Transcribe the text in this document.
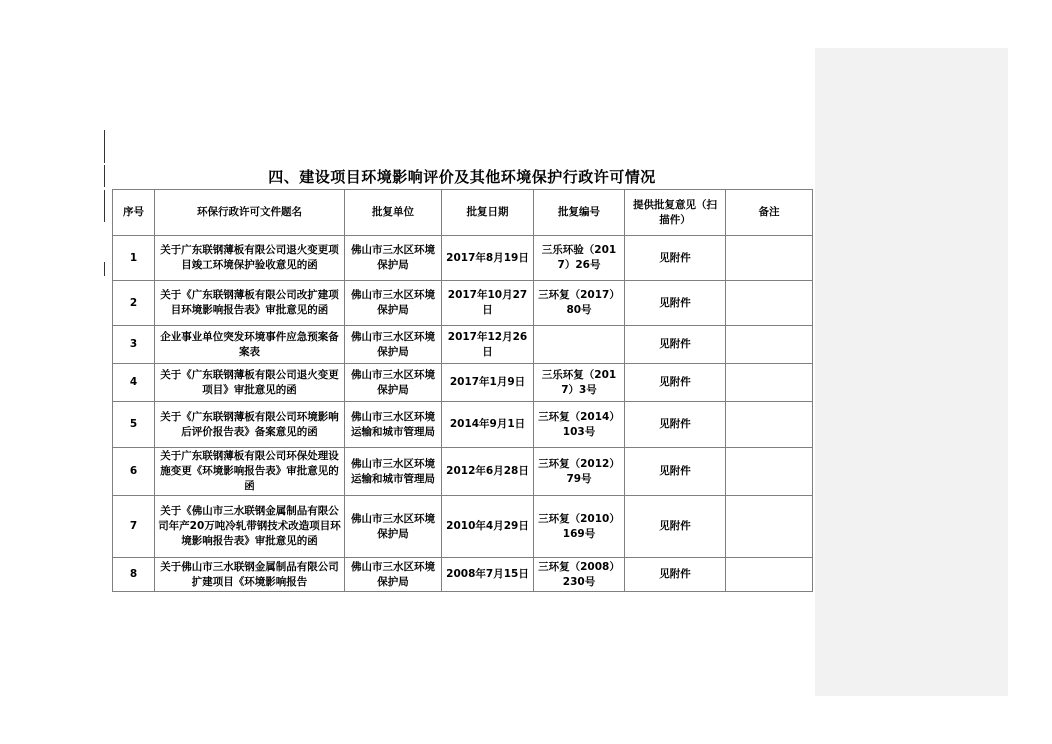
四、建设项目环境影响评价及其他环境保护行政许可情况
序号	环保行政许可文件题名	批复单位	批复日期	批复编号	提供批复意见（扫描件）	备注
1	关于广东联钢薄板有限公司退火变更项目竣工环境保护验收意见的函	佛山市三水区环境保护局	2017年8月19日	三乐环验（2017）26号	见附件	
2	关于《广东联钢薄板有限公司改扩建项目环境影响报告表》审批意见的函	佛山市三水区环境保护局	2017年10月27日	三环复（2017）80号	见附件	
3	企业事业单位突发环境事件应急预案备案表	佛山市三水区环境保护局	2017年12月26日		见附件	
4	关于《广东联钢薄板有限公司退火变更项目》审批意见的函	佛山市三水区环境保护局	2017年1月9日	三乐环复（2017）3号	见附件	
5	关于《广东联钢薄板有限公司环境影响后评价报告表》备案意见的函	佛山市三水区环境运输和城市管理局	2014年9月1日	三环复（2014）103号	见附件	
6	关于广东联钢薄板有限公司环保处理设施变更《环境影响报告表》审批意见的函	佛山市三水区环境运输和城市管理局	2012年6月28日	三环复（2012）79号	见附件	
7	关于《佛山市三水联钢金属制品有限公司年产20万吨冷轧带钢技术改造项目环境影响报告表》审批意见的函	佛山市三水区环境保护局	2010年4月29日	三环复（2010）169号	见附件	
8	关于佛山市三水联钢金属制品有限公司扩建项目《环境影响报告	佛山市三水区环境保护局	2008年7月15日	三环复（2008）230号	见附件	
